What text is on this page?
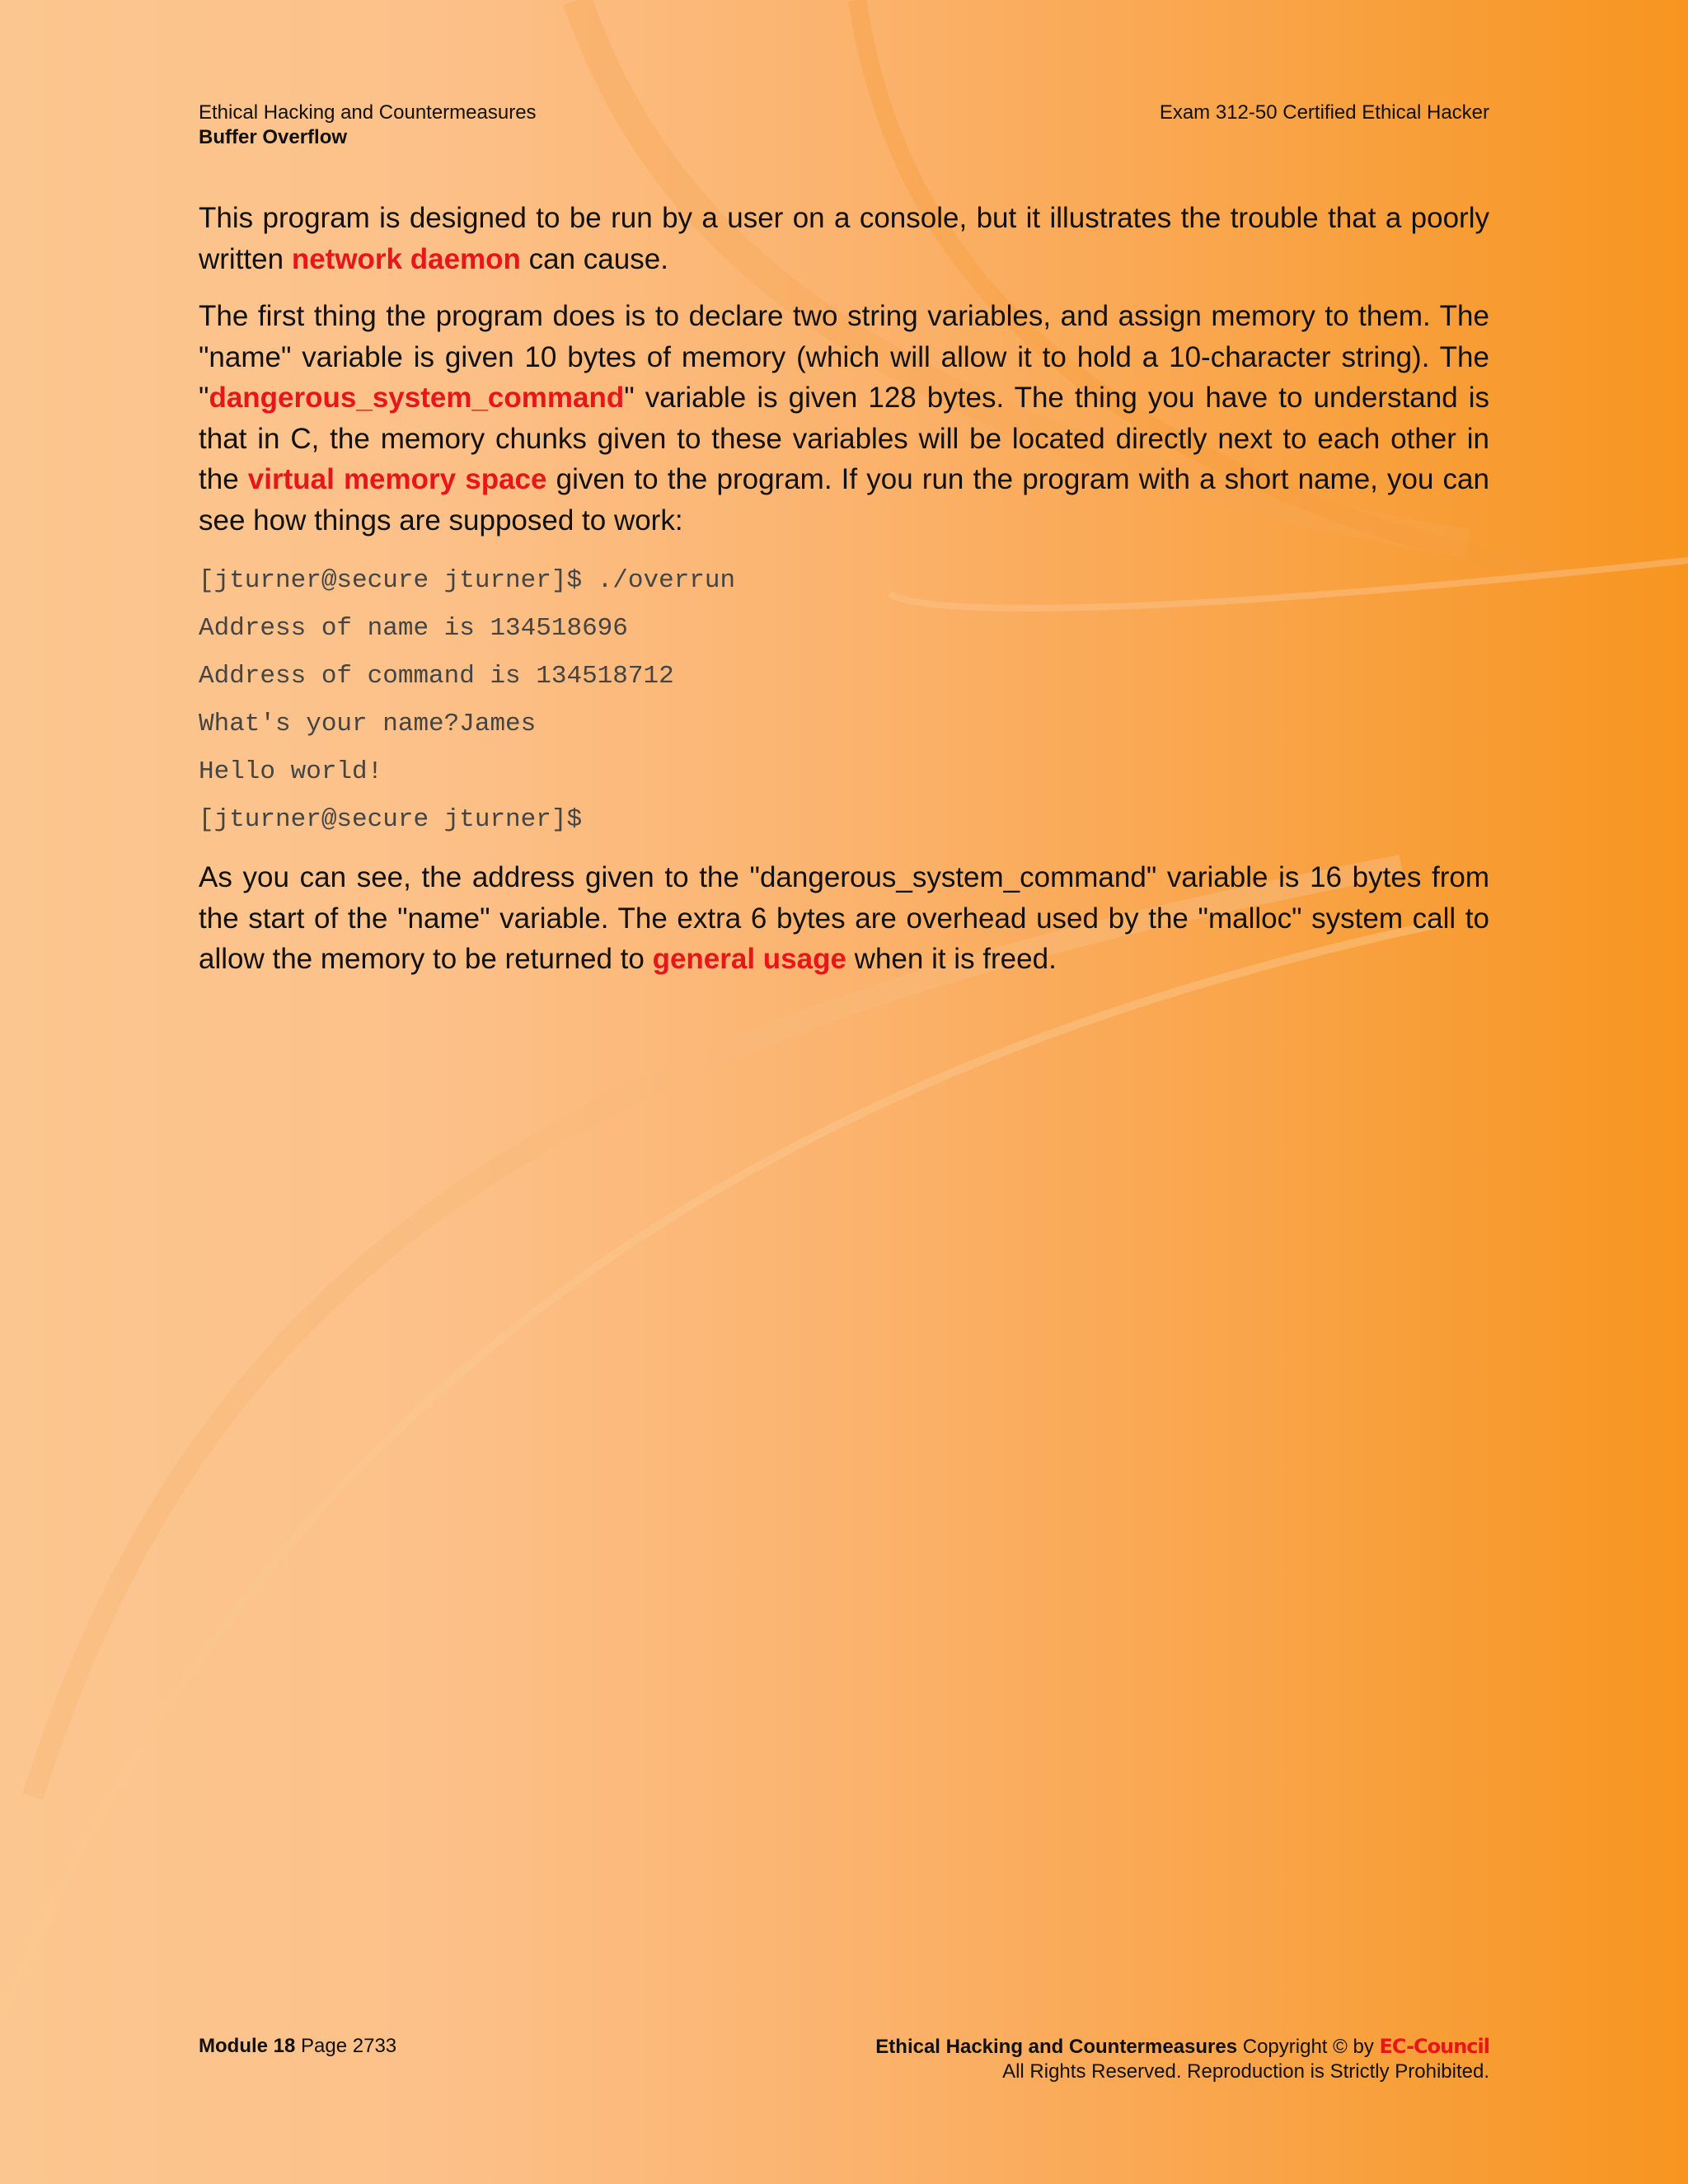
Ethical Hacking and Countermeasures
Buffer Overflow
Exam 312-50 Certified Ethical Hacker

This program is designed to be run by a user on a console, but it illustrates the trouble that a poorly written network daemon can cause.

The first thing the program does is to declare two string variables, and assign memory to them. The "name" variable is given 10 bytes of memory (which will allow it to hold a 10-character string). The "dangerous_system_command" variable is given 128 bytes. The thing you have to understand is that in C, the memory chunks given to these variables will be located directly next to each other in the virtual memory space given to the program. If you run the program with a short name, you can see how things are supposed to work:

[jturner@secure jturner]$ ./overrun
Address of name is 134518696
Address of command is 134518712
What's your name?James
Hello world!
[jturner@secure jturner]$

As you can see, the address given to the "dangerous_system_command" variable is 16 bytes from the start of the "name" variable. The extra 6 bytes are overhead used by the "malloc" system call to allow the memory to be returned to general usage when it is freed.

Module 18 Page 2733	Ethical Hacking and Countermeasures Copyright © by EC-Council
All Rights Reserved. Reproduction is Strictly Prohibited.
